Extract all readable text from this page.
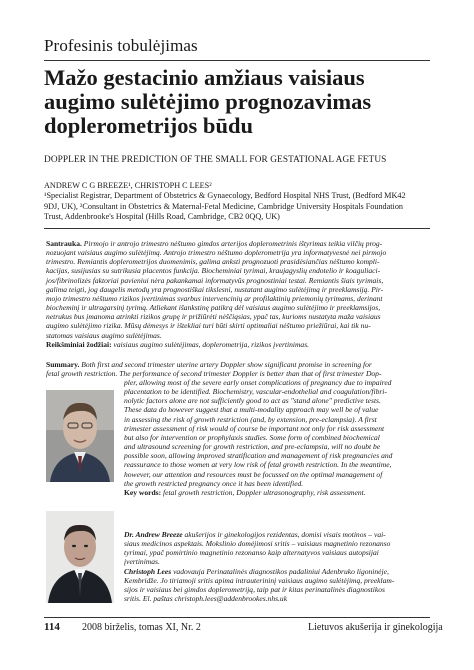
Profesinis tobulėjimas
Mažo gestacinio amžiaus vaisiaus
augimo sulėtėjimo prognozavimas
doplerometrijos būdu
DOPPLER IN THE PREDICTION OF THE SMALL FOR GESTATIONAL AGE FETUS
ANDREW C G BREEZE¹, CHRISTOPH C LEES²
¹Specialist Registrar, Department of Obstetrics & Gynaecology, Bedford Hospital NHS Trust, (Bedford MK42
9DJ, UK), ²Consultant in Obstetrics & Maternal-Fetal Medicine, Cambridge University Hospitals Foundation
Trust, Addenbrooke's Hospital (Hills Road, Cambridge, CB2 0QQ, UK)
Santrauka. Pirmojo ir antrojo trimestro nėštumo gimdos arterijos doplerometrinis ištyrimas teikia vilčių prog-
nozuojant vaisiaus augimo sulėtėjimą. Antrojo trimestro nėštumo doplerometrija yra informatyvesnė nei pirmojo
trimestro. Remiantis doplerometrijos duomenimis, galima anksti prognozuoti prasidėsiančias nėštumo kompli-
kacijas, susijusias su sutrikusia placentos funkcija. Biocheminiai tyrimai, kraujagyslių endotelio ir koaguliaci-
jos/fibrinolizės faktoriai pavieniui nėra pakankamai informatyvūs prognostiniai testai. Remiantis šiais tyrimais,
galima teigti, jog daugelis metodų yra prognostiškai tikslesni, nustatant augimo sulėtėjimą ir preeklamsiją. Pir-
mojo trimestro nėštumo rizikos įvertinimas svarbus intervencinių ar profilaktinių priemonių tyrimams, derinant
biocheminį ir ultragarsinį tyrimą. Atliekant išankstinę patikrą dėl vaisiaus augimo sulėtėjimo ir preeklamsijos,
netrukus bus įmanoma atrinkti rizikos grupę ir prižiūrėti nėščiąsias, ypač tas, kurioms nustatyta maža vaisiaus
augimo sulėtėjimo rizika. Mūsų dėmesys ir ištekliai turi būti skirti optimaliai nėštumo priežiūrai, kai tik nu-
statomas vaisiaus augimo sulėtėjimas.
Reikšminiai žodžiai: vaisiaus augimo sulėtėjimas, doplerometrija, rizikos įvertinimas.
Summary. Both first and second trimester uterine artery Doppler show significant promise in screening for
fetal growth restriction. The performance of second trimester Doppler is better than that of first trimester Dop-
pler, allowing most of the severe early onset complications of pregnancy due to impaired
placentation to be identified. Biochemistry, vascular-endothelial and coagulation/fibri-
nolytic factors alone are not sufficiently good to act as "stand alone" predictive tests.
These data do however suggest that a multi-modality approach may well be of value
in assessing the risk of growth restriction (and, by extension, pre-eclampsia). A first
trimester assessment of risk would of course be important not only for risk assessment
but also for intervention or prophylaxis studies. Some form of combined biochemical
and ultrasound screening for growth restriction, and pre-eclampsia, will no doubt be
possible soon, allowing improved stratification and management of risk pregnancies and
reassurance to those women at very low risk of fetal growth restriction. In the meantime,
however, our attention and resources must be focussed on the optimal management of
the growth restricted pregnancy once it has been identified.
Key words: fetal growth restriction, Doppler ultrasonography, risk assessment.
Dr. Andrew Breeze akušerijos ir ginekologijos rezidentas, domisi visais motinos – vai-
siaus medicinos aspektais. Mokslinio domėjimosi sritis – vaisiaus magnetinio rezonanso
tyrimai, ypač pomirtinio magnetinio rezonanso kaip alternatyvos vaisiaus autopsijai
įvertinimas.
Christoph Lees vadovauja Perinatalinės diagnostikos padaliniui Adenbruko ligoninėje,
Kembridže. Jo tiriamoji sritis apima intrauterininį vaisiaus augimo sulėtėjimą, preeklam-
sijos ir vaisiaus bei gimdos doplerometriją, taip pat ir kitas perinatalinės diagnostikos
sritis. El. paštas christoph.lees@addenbrookes.nhs.uk
114 2008 birželis, tomas XI, Nr. 2	Lietuvos akušerija ir ginekologija
